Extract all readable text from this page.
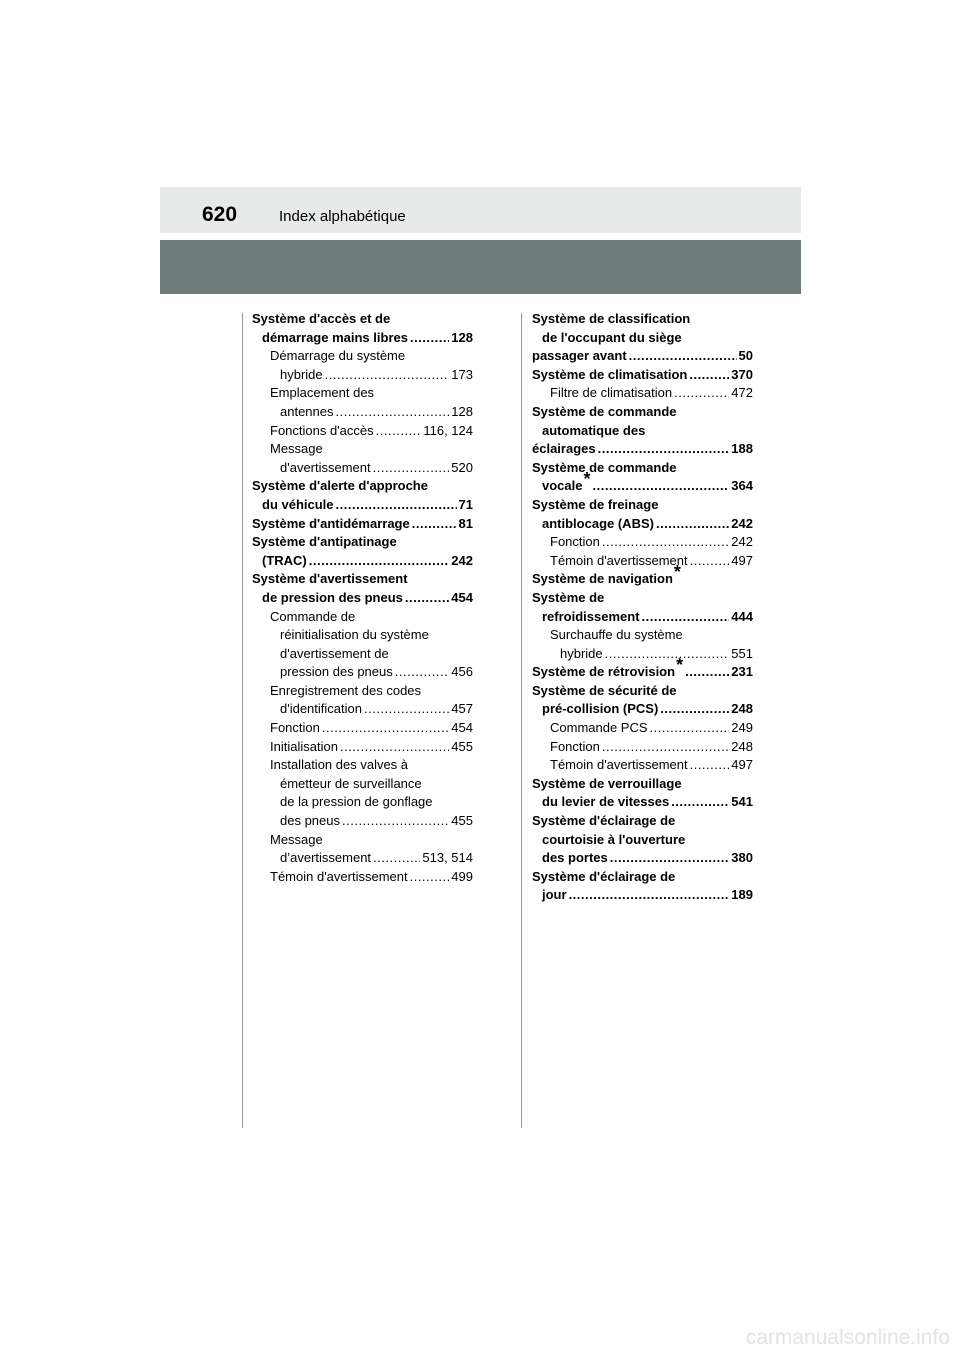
620	Index alphabétique
Système d'accès et de
démarrage mains libres .....	128
Démarrage du système
hybride .....	173
Emplacement des
antennes .....	128
Fonctions d'accès .....	116, 124
Message
d'avertissement .....	520
Système d'alerte d'approche
du véhicule .....	71
Système d'antidémarrage .....	81
Système d'antipatinage
(TRAC) .....	242
Système d'avertissement
de pression des pneus .....	454
Commande de
réinitialisation du système
d'avertissement de
pression des pneus .....	456
Enregistrement des codes
d'identification .....	457
Fonction .....	454
Initialisation .....	455
Installation des valves à
émetteur de surveillance
de la pression de gonflage
des pneus .....	455
Message
d’avertissement .....	513, 514
Témoin d'avertissement .....	499
Système de classification
de l'occupant du siège
passager avant .....	50
Système de climatisation .....	370
Filtre de climatisation .....	472
Système de commande
automatique des
éclairages .....	188
Système de commande
vocale* .....	364
Système de freinage
antiblocage (ABS) .....	242
Fonction .....	242
Témoin d'avertissement .....	497
Système de navigation*
Système de
refroidissement .....	444
Surchauffe du système
hybride .....	551
Système de rétrovision* .....	231
Système de sécurité de
pré-collision (PCS) .....	248
Commande PCS .....	249
Fonction .....	248
Témoin d'avertissement .....	497
Système de verrouillage
du levier de vitesses .....	541
Système d'éclairage de
courtoisie à l'ouverture
des portes .....	380
Système d'éclairage de
jour .....	189
carmanualsonline.info
